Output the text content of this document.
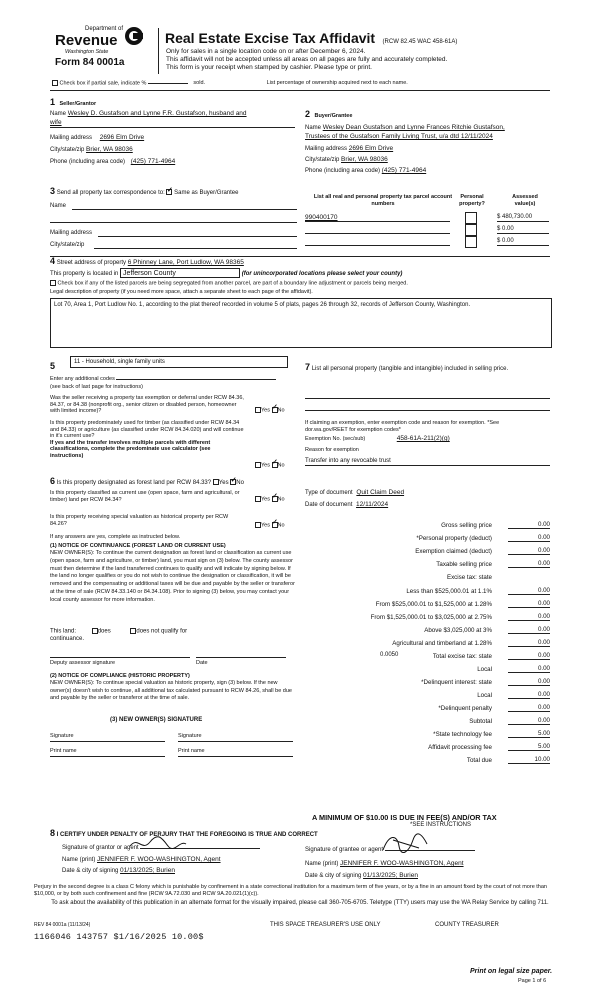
Department of
Revenue
Washington State
Form 84 0001a
Real Estate Excise Tax Affidavit (RCW 82.45 WAC 458-61A)
Only for sales in a single location code on or after December 6, 2024.
This affidavit will not be accepted unless all areas on all pages are fully and accurately completed.
This form is your receipt when stamped by cashier. Please type or print.
Check box if partial sale, indicate %	sold.	List percentage of ownership acquired next to each name.
1 Seller/Grantor
Name Wesley D. Gustafson and Lynne F.R. Gustafson, husband and
wife
Mailing address 2696 Elm Drive
City/state/zip Brier, WA 98036
Phone (including area code) (425) 771-4964
2 Buyer/Grantee
Name Wesley Dean Gustafson and Lynne Frances Ritchie Gustafson,
Trustees of the Gustafson Family Living Trust, u/a dtd 12/11/2024
Mailing address 2696 Elm Drive
City/state/zip Brier, WA 98036
Phone (including area code) (425) 771-4964
3 Send all property tax correspondence to: ✓ Same as Buyer/Grantee
Name
Mailing address
City/state/zip
List all real and personal property tax parcel account numbers
Personal property?
Assessed value(s)
990400170	$ 480,730.00
$ 0.00
$ 0.00
4 Street address of property 6 Phinney Lane, Port Ludlow, WA 98365
This property is located in Jefferson County	(for unincorporated locations please select your county)
Check box if any of the listed parcels are being segregated from another parcel, are part of a boundary line adjustment or parcels being merged.
Legal description of property (if you need more space, attach a separate sheet to each page of the affidavit).
Lot 70, Area 1, Port Ludlow No. 1, according to the plat thereof recorded in volume 5 of plats, pages 26 through 32, records of Jefferson County, Washington.
5	11 - Household, single family units
Enter any additional codes
(see back of last page for instructions)
Was the seller receiving a property tax exemption or deferral under RCW 84.36, 84.37, or 84.38 (nonprofit org., senior citizen or disabled person, homeowner with limited income)?	Yes ✓ No
Is this property predominately used for timber (as classified under RCW 84.34 and 84.33) or agriculture (as classified under RCW 84.34.020) and will continue in it's current use?
If yes and the transfer involves multiple parcels with different classifications, complete the predominate use calculator (see instructions)
Yes ✓ No
6 Is this property designated as forest land per RCW 84.33? Yes ✓ No
Is this property classified as current use (open space, farm and agricultural, or timber) land per RCW 84.34?	Yes ✓ No
Is this property receiving special valuation as historical property per RCW 84.26?	Yes ✓ No
If any answers are yes, complete as instructed below.
(1) NOTICE OF CONTINUANCE (FOREST LAND OR CURRENT USE)
NEW OWNER(S): To continue the current designation as forest land or classification as current use (open space, farm and agriculture, or timber) land, you must sign on (3) below. The county assessor must then determine if the land transferred continues to qualify and will indicate by signing below. If the land no longer qualifies or you do not wish to continue the designation or classification, it will be removed and the compensating or additional taxes will be due and payable by the seller or transferor at the time of sale (RCW 84.33.140 or 84.34.108). Prior to signing (3) below, you may contact your local county assessor for more information.
This land:	does	does not qualify for
continuance.
Deputy assessor signature	Date
(2) NOTICE OF COMPLIANCE (HISTORIC PROPERTY)
NEW OWNER(S): To continue special valuation as historic property, sign (3) below. If the new owner(s) doesn't wish to continue, all additional tax calculated pursuant to RCW 84.26, shall be due and payable by the seller or transferor at the time of sale.
(3) NEW OWNER(S) SIGNATURE
Signature	Signature
Print name	Print name
7 List all personal property (tangible and intangible) included in selling price.
If claiming an exemption, enter exemption code and reason for exemption. *See dor.wa.gov/REET for exemption codes*
Exemption No. (sec/sub)	458-61A-211(2)(g)
Reason for exemption
Transfer into any revocable trust
Type of document Quit Claim Deed
Date of document 12/11/2024
Gross selling price	0.00
*Personal property (deduct)	0.00
Exemption claimed (deduct)	0.00
Taxable selling price	0.00
Excise tax: state
Less than $525,000.01 at 1.1%	0.00
From $525,000.01 to $1,525,000 at 1.28%	0.00
From $1,525,000.01 to $3,025,000 at 2.75%	0.00
Above $3,025,000 at 3%	0.00
Agricultural and timberland at 1.28%	0.00
Total excise tax: state	0.00
Local	0.00
*Delinquent interest: state	0.00
Local	0.00
*Delinquent penalty	0.00
Subtotal	0.00
*State technology fee	5.00
Affidavit processing fee	5.00
Total due	10.00
0.0050
A MINIMUM OF $10.00 IS DUE IN FEE(S) AND/OR TAX
*SEE INSTRUCTIONS
8 I CERTIFY UNDER PENALTY OF PERJURY THAT THE FOREGOING IS TRUE AND CORRECT
Signature of grantor or agent
Name (print) JENNIFER F. WOO-WASHINGTON, Agent
Date & city of signing 01/13/2025; Burien
Signature of grantee or agent
Name (print) JENNIFER F. WOO-WASHINGTON, Agent
Date & city of signing 01/13/2025; Burien
Perjury in the second degree is a class C felony which is punishable by confinement in a state correctional institution for a maximum term of five years, or by a fine in an amount fixed by the court of not more than $10,000, or by both such confinement and fine (RCW 9A.72.030 and RCW 9A.20.021(1)(c)).
To ask about the availability of this publication in an alternate format for the visually impaired, please call 360-705-6705. Teletype (TTY) users may use the WA Relay Service by calling 711.
REV 84 0001a (11/13/24)	THIS SPACE TREASURER'S USE ONLY	COUNTY TREASURER
1166046 143757 $1/16/2025 10.00$
Print on legal size paper.
Page 1 of 6
